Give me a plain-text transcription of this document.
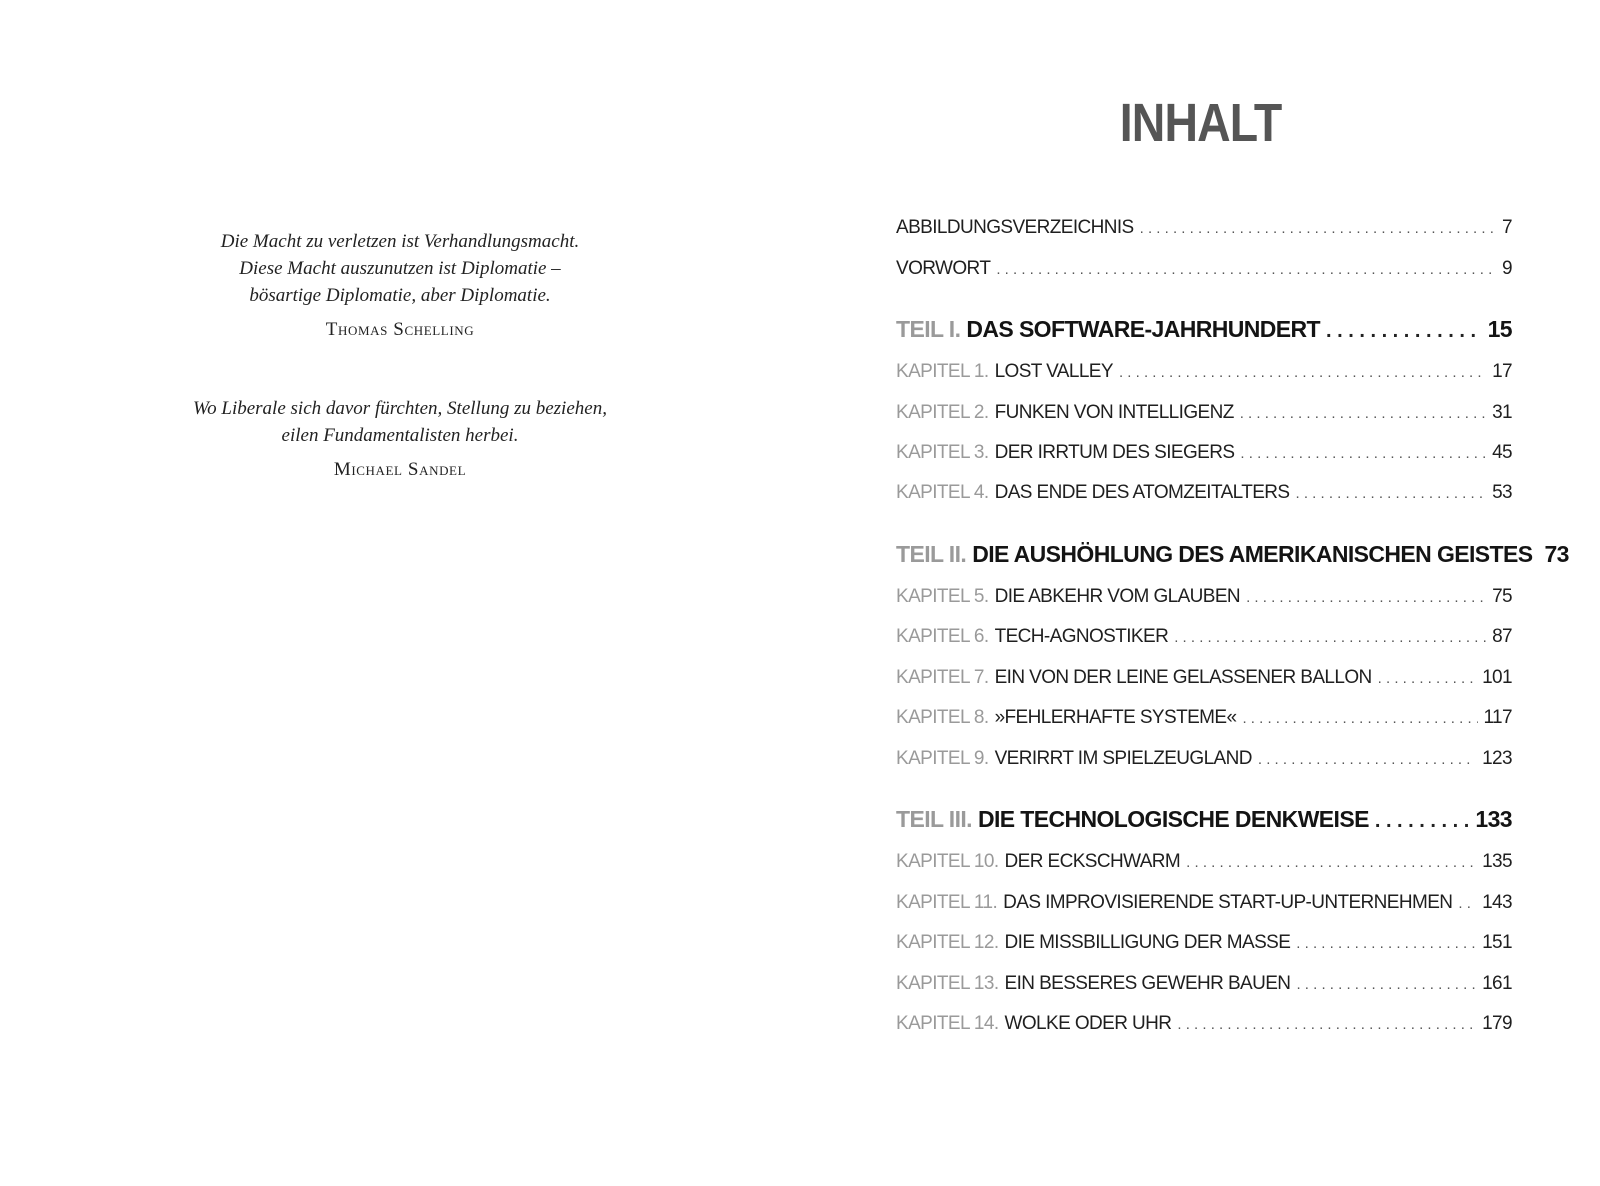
Die Macht zu verletzen ist Verhandlungsmacht.
Diese Macht auszunutzen ist Diplomatie –
bösartige Diplomatie, aber Diplomatie.
Thomas Schelling
Wo Liberale sich davor fürchten, Stellung zu beziehen,
eilen Fundamentalisten herbei.
Michael Sandel
INHALT
ABBILDUNGSVERZEICHNIS . . .	7
VORWORT . . .	9
TEIL I. DAS SOFTWARE-JAHRHUNDERT . . .	15
KAPITEL 1. LOST VALLEY . . .	17
KAPITEL 2. FUNKEN VON INTELLIGENZ . . .	31
KAPITEL 3. DER IRRTUM DES SIEGERS . . .	45
KAPITEL 4. DAS ENDE DES ATOMZEITALTERS . . .	53
TEIL II. DIE AUSHÖHLUNG DES AMERIKANISCHEN GEISTES 73
KAPITEL 5. DIE ABKEHR VOM GLAUBEN . . .	75
KAPITEL 6. TECH-AGNOSTIKER . . .	87
KAPITEL 7. EIN VON DER LEINE GELASSENER BALLON . . .	101
KAPITEL 8. »FEHLERHAFTE SYSTEME« . . .	117
KAPITEL 9. VERIRRT IM SPIELZEUGLAND . . .	123
TEIL III. DIE TECHNOLOGISCHE DENKWEISE . . .	133
KAPITEL 10. DER ECKSCHWARM . . .	135
KAPITEL 11. DAS IMPROVISIERENDE START-UP-UNTERNEHMEN . . . 143
KAPITEL 12. DIE MISSBILLIGUNG DER MASSE . . .	151
KAPITEL 13. EIN BESSERES GEWEHR BAUEN . . .	161
KAPITEL 14. WOLKE ODER UHR . . .	179
